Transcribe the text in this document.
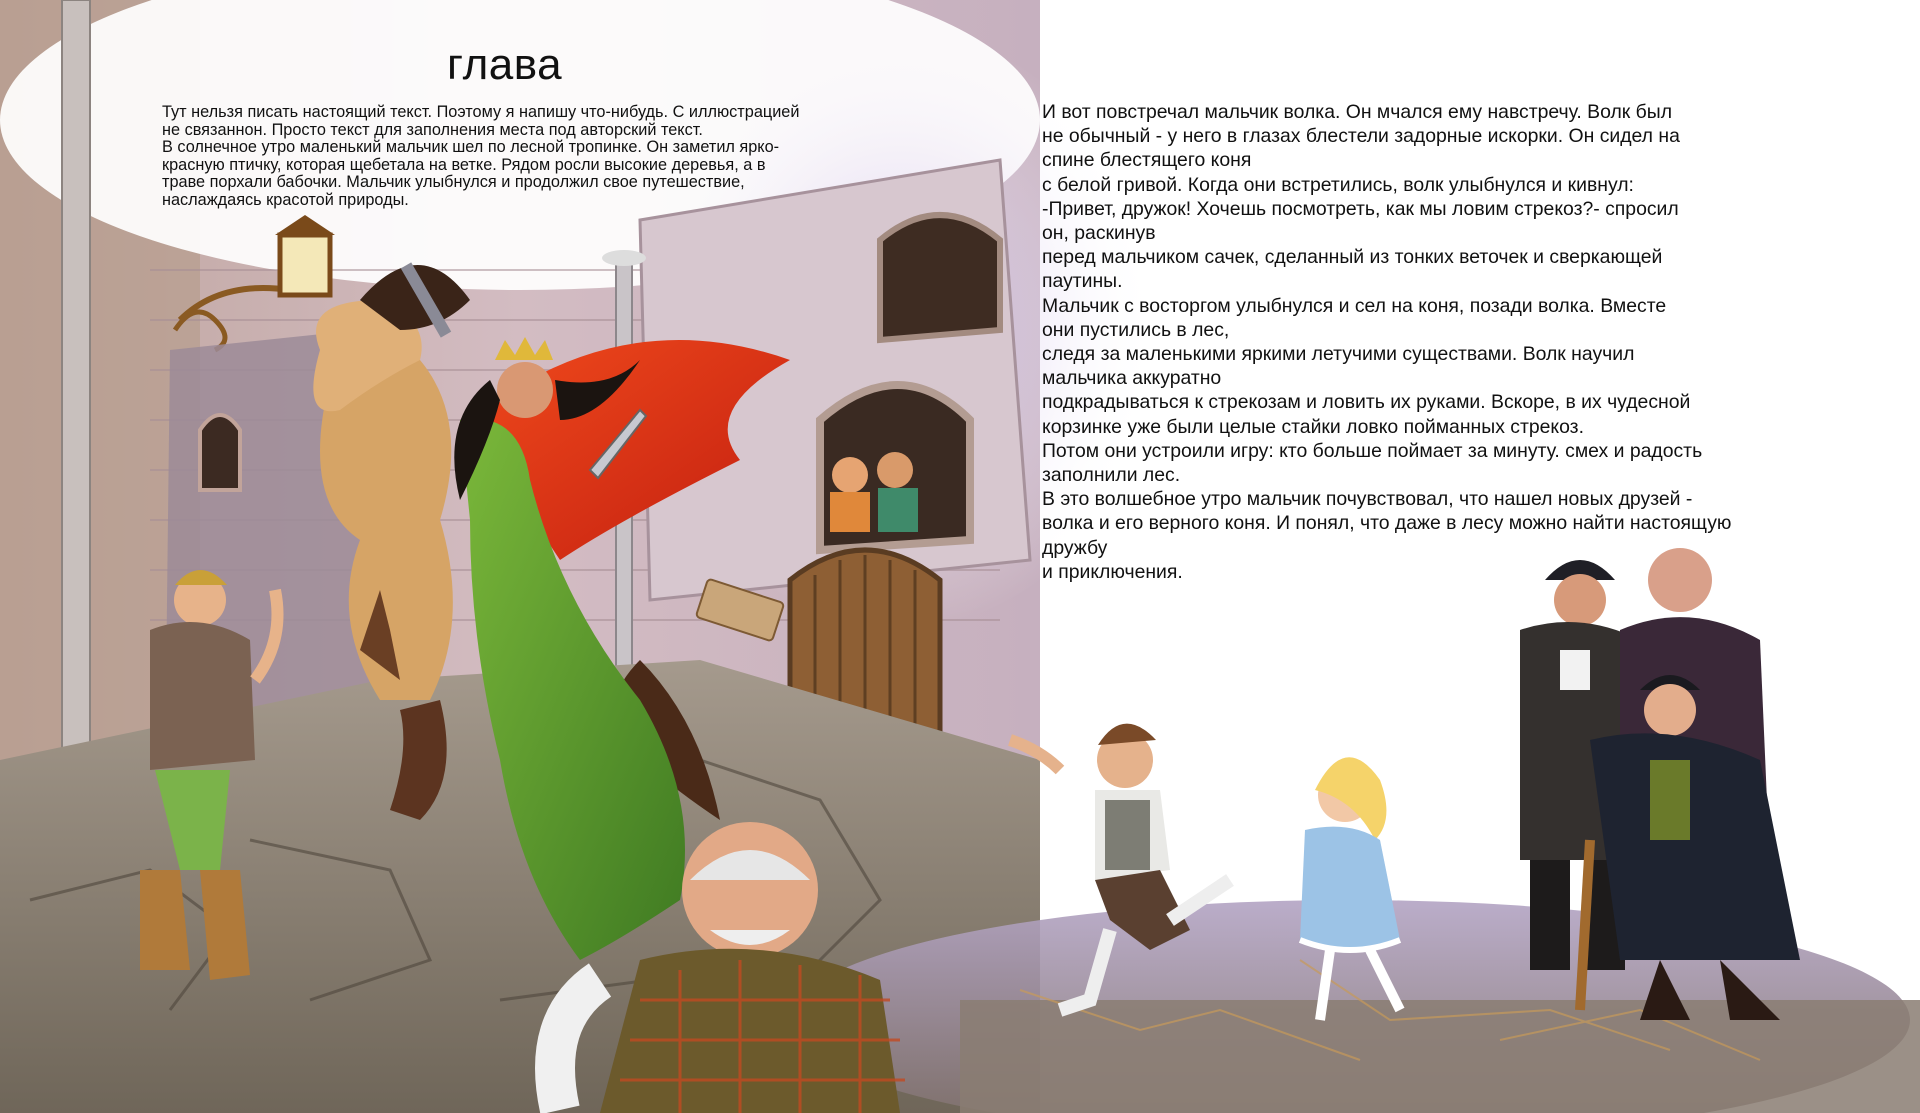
глава
Тут нельзя писать настоящий текст. Поэтому я напишу что-нибудь. С иллюстрацией
не связаннон. Просто текст для заполнения места под авторский текст.
В солнечное утро маленький мальчик шел по лесной тропинке. Он заметил ярко-
красную птичку, которая щебетала на ветке. Рядом росли высокие деревья, а в
траве порхали бабочки. Мальчик улыбнулся и продолжил свое путешествие,
наслаждаясь красотой природы.
И вот повстречал мальчик волка. Он мчался ему навстречу. Волк был
не обычный - у него в глазах блестели задорные искорки. Он сидел на
спине блестящего коня
с белой гривой. Когда они встретились, волк улыбнулся и кивнул:
-Привет, дружок! Хочешь посмотреть, как мы ловим стрекоз?- спросил
он, раскинув
перед мальчиком сачек, сделанный из тонких веточек и сверкающей
паутины.
Мальчик с восторгом улыбнулся и сел на коня, позади волка. Вместе
они пустились в лес,
следя за маленькими яркими летучими существами. Волк научил
мальчика аккуратно
подкрадываться к стрекозам и ловить их руками. Вскоре, в их чудесной
корзинке уже были целые стайки ловко пойманных стрекоз.
Потом они устроили игру: кто больше поймает за минуту. смех и радость
заполнили лес.
В это волшебное утро мальчик почувствовал, что нашел новых друзей -
волка и его верного коня. И понял, что даже в лесу можно найти настоящую
дружбу
и приключения.
